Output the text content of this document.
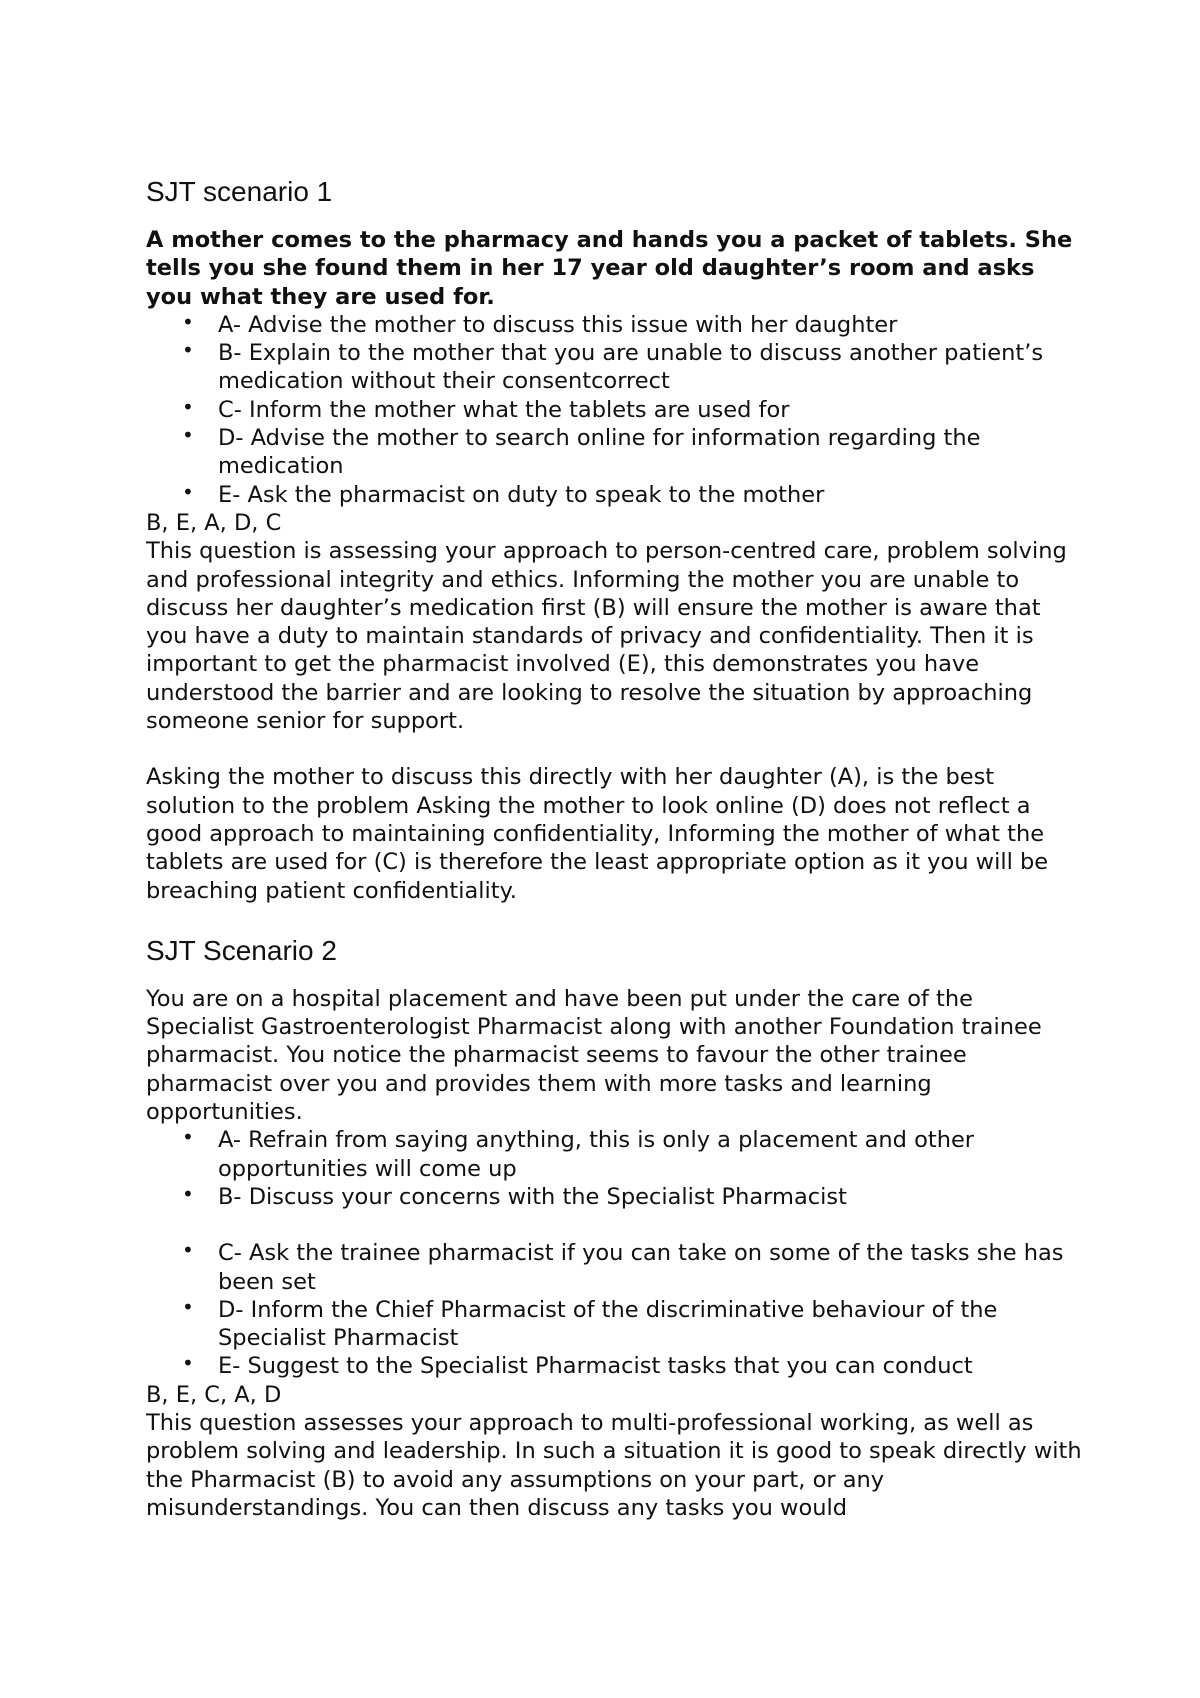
SJT scenario 1

A mother comes to the pharmacy and hands you a packet of tablets. She tells you she found them in her 17 year old daughter’s room and asks you what they are used for.

• A- Advise the mother to discuss this issue with her daughter
• B- Explain to the mother that you are unable to discuss another patient’s medication without their consentcorrect
• C- Inform the mother what the tablets are used for
• D- Advise the mother to search online for information regarding the medication
• E- Ask the pharmacist on duty to speak to the mother

B, E, A, D, C

This question is assessing your approach to person-centred care, problem solving and professional integrity and ethics. Informing the mother you are unable to discuss her daughter’s medication first (B) will ensure the mother is aware that you have a duty to maintain standards of privacy and confidentiality. Then it is important to get the pharmacist involved (E), this demonstrates you have understood the barrier and are looking to resolve the situation by approaching someone senior for support.

Asking the mother to discuss this directly with her daughter (A), is the best solution to the problem Asking the mother to look online (D) does not reflect a good approach to maintaining confidentiality, Informing the mother of what the tablets are used for (C) is therefore the least appropriate option as it you will be breaching patient confidentiality.

SJT Scenario 2

You are on a hospital placement and have been put under the care of the Specialist Gastroenterologist Pharmacist along with another Foundation trainee pharmacist. You notice the pharmacist seems to favour the other trainee pharmacist over you and provides them with more tasks and learning opportunities.

• A- Refrain from saying anything, this is only a placement and other opportunities will come up
• B- Discuss your concerns with the Specialist Pharmacist
• C- Ask the trainee pharmacist if you can take on some of the tasks she has been set
• D- Inform the Chief Pharmacist of the discriminative behaviour of the Specialist Pharmacist
• E- Suggest to the Specialist Pharmacist tasks that you can conduct

B, E, C, A, D

This question assesses your approach to multi-professional working, as well as problem solving and leadership. In such a situation it is good to speak directly with the Pharmacist (B) to avoid any assumptions on your part, or any misunderstandings. You can then discuss any tasks you would
